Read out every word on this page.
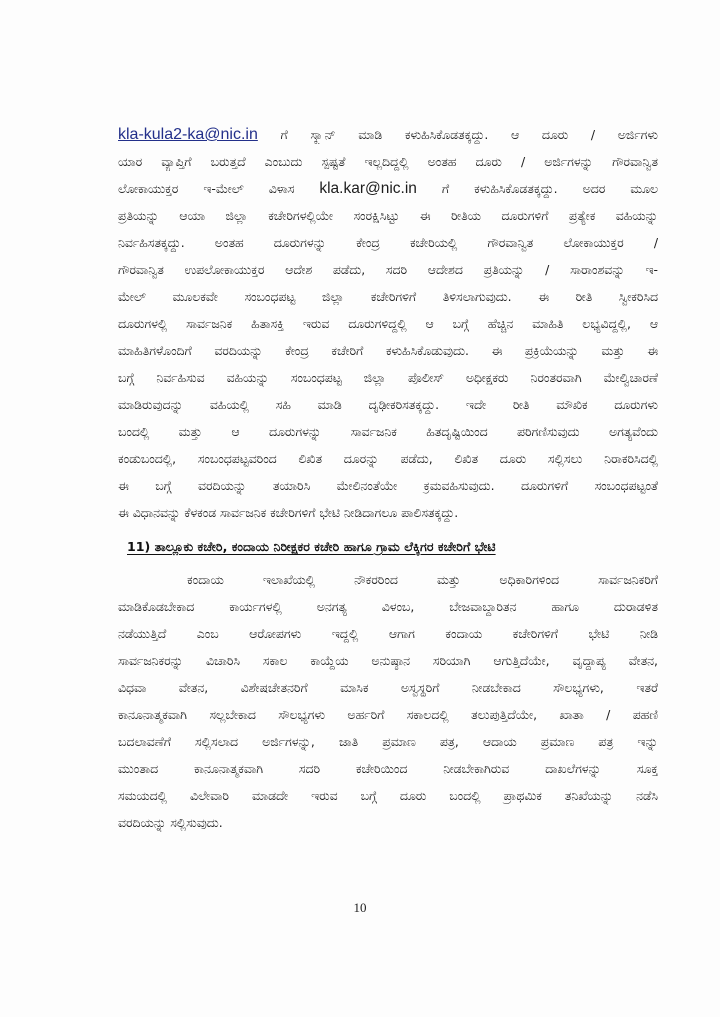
kla-kula2-ka@nic.in ಗೆ ಸ್ಕ್ಯಾನ್ ಮಾಡಿ ಕಳುಹಿಸಿಕೊಡತಕ್ಕದ್ದು. ಆ ದೂರು / ಅರ್ಜಿಗಳು

ಯಾರ ವ್ಯಾಪ್ತಿಗೆ ಬರುತ್ತದೆ ಎಂಬುದು ಸ್ಪಷ್ಟತೆ ಇಲ್ಲದಿದ್ದಲ್ಲಿ ಅಂತಹ ದೂರು / ಅರ್ಜಿಗಳನ್ನು ಗೌರವಾನ್ವಿತ

ಲೋಕಾಯುಕ್ತರ ಇ-ಮೇಲ್ ವಿಳಾಸ kla.kar@nic.in ಗೆ ಕಳುಹಿಸಿಕೊಡತಕ್ಕದ್ದು. ಅದರ ಮೂಲ

ಪ್ರತಿಯನ್ನು ಆಯಾ ಜಿಲ್ಲಾ ಕಚೇರಿಗಳಲ್ಲಿಯೇ ಸಂರಕ್ಷಿಸಿಟ್ಟು ಈ ರೀತಿಯ ದೂರುಗಳಿಗೆ ಪ್ರತ್ಯೇಕ ವಹಿಯನ್ನು

ನಿರ್ವಹಿಸತಕ್ಕದ್ದು. ಅಂತಹ ದೂರುಗಳನ್ನು ಕೇಂದ್ರ ಕಚೇರಿಯಲ್ಲಿ ಗೌರವಾನ್ವಿತ ಲೋಕಾಯುಕ್ತರ /

ಗೌರವಾನ್ವಿತ ಉಪಲೋಕಾಯುಕ್ತರ ಆದೇಶ ಪಡೆದು, ಸದರಿ ಆದೇಶದ ಪ್ರತಿಯನ್ನು / ಸಾರಾಂಶವನ್ನು ಇ-

ಮೇಲ್ ಮೂಲಕವೇ ಸಂಬಂಧಪಟ್ಟ ಜಿಲ್ಲಾ ಕಚೇರಿಗಳಿಗೆ ತಿಳಿಸಲಾಗುವುದು. ಈ ರೀತಿ ಸ್ವೀಕರಿಸಿದ

ದೂರುಗಳಲ್ಲಿ ಸಾರ್ವಜನಿಕ ಹಿತಾಸಕ್ತಿ ಇರುವ ದೂರುಗಳಿದ್ದಲ್ಲಿ ಆ ಬಗ್ಗೆ ಹೆಚ್ಚಿನ ಮಾಹಿತಿ ಲಭ್ಯವಿದ್ದಲ್ಲಿ, ಆ

ಮಾಹಿತಿಗಳೊಂದಿಗೆ ವರದಿಯನ್ನು ಕೇಂದ್ರ ಕಚೇರಿಗೆ ಕಳುಹಿಸಿಕೊಡುವುದು. ಈ ಪ್ರಕ್ರಿಯೆಯನ್ನು ಮತ್ತು ಈ

ಬಗ್ಗೆ ನಿರ್ವಹಿಸುವ ವಹಿಯನ್ನು ಸಂಬಂಧಪಟ್ಟ ಜಿಲ್ಲಾ ಪೊಲೀಸ್ ಅಧೀಕ್ಷಕರು ನಿರಂತರವಾಗಿ ಮೇಲ್ವಿಚಾರಣೆ

ಮಾಡಿರುವುದನ್ನು ವಹಿಯಲ್ಲಿ ಸಹಿ ಮಾಡಿ ದೃಢೀಕರಿಸತಕ್ಕದ್ದು. ಇದೇ ರೀತಿ ಮೌಖಿಕ ದೂರುಗಳು

ಬಂದಲ್ಲಿ ಮತ್ತು ಆ ದೂರುಗಳನ್ನು ಸಾರ್ವಜನಿಕ ಹಿತದೃಷ್ಟಿಯಿಂದ ಪರಿಗಣಿಸುವುದು ಅಗತ್ಯವೆಂದು

ಕಂಡುಬಂದಲ್ಲಿ, ಸಂಬಂಧಪಟ್ಟವರಿಂದ ಲಿಖಿತ ದೂರನ್ನು ಪಡೆದು, ಲಿಖಿತ ದೂರು ಸಲ್ಲಿಸಲು ನಿರಾಕರಿಸಿದಲ್ಲಿ

ಈ ಬಗ್ಗೆ ವರದಿಯನ್ನು ತಯಾರಿಸಿ ಮೇಲಿನಂತೆಯೇ ಕ್ರಮವಹಿಸುವುದು. ದೂರುಗಳಿಗೆ ಸಂಬಂಧಪಟ್ಟಂತೆ

ಈ ವಿಧಾನವನ್ನು ಕೆಳಕಂಡ ಸಾರ್ವಜನಿಕ ಕಚೇರಿಗಳಿಗೆ ಭೇಟಿ ನೀಡಿದಾಗಲೂ ಪಾಲಿಸತಕ್ಕದ್ದು.

11) ತಾಲ್ಲೂಕು ಕಚೇರಿ, ಕಂದಾಯ ನಿರೀಕ್ಷಕರ ಕಚೇರಿ ಹಾಗೂ ಗ್ರಾಮ ಲೆಕ್ಕಿಗರ ಕಚೇರಿಗೆ ಭೇಟಿ

ಕಂದಾಯ ಇಲಾಖೆಯಲ್ಲಿ ನೌಕರರಿಂದ ಮತ್ತು ಅಧಿಕಾರಿಗಳಿಂದ ಸಾರ್ವಜನಿಕರಿಗೆ

ಮಾಡಿಕೊಡಬೇಕಾದ ಕಾರ್ಯಗಳಲ್ಲಿ ಅನಗತ್ಯ ವಿಳಂಬ, ಬೇಜವಾಬ್ದಾರಿತನ ಹಾಗೂ ದುರಾಡಳಿತ

ನಡೆಯುತ್ತಿದೆ ಎಂಬ ಆರೋಪಗಳು ಇದ್ದಲ್ಲಿ ಆಗಾಗ ಕಂದಾಯ ಕಚೇರಿಗಳಿಗೆ ಭೇಟಿ ನೀಡಿ

ಸಾರ್ವಜನಿಕರನ್ನು ವಿಚಾರಿಸಿ ಸಕಾಲ ಕಾಯ್ದೆಯ ಅನುಷ್ಠಾನ ಸರಿಯಾಗಿ ಆಗುತ್ತಿದೆಯೇ, ವೃದ್ಧಾಪ್ಯ ವೇತನ,

ವಿಧವಾ ವೇತನ, ವಿಶೇಷಚೇತನರಿಗೆ ಮಾಸಿಕ ಅಸ್ವಸ್ಥರಿಗೆ ನೀಡಬೇಕಾದ ಸೌಲಭ್ಯಗಳು, ಇತರೆ

ಕಾನೂನಾತ್ಮಕವಾಗಿ ಸಲ್ಲಬೇಕಾದ ಸೌಲಭ್ಯಗಳು ಅರ್ಹರಿಗೆ ಸಕಾಲದಲ್ಲಿ ತಲುಪುತ್ತಿದೆಯೇ, ಖಾತಾ / ಪಹಣಿ

ಬದಲಾವಣೆಗೆ ಸಲ್ಲಿಸಲಾದ ಅರ್ಜಿಗಳನ್ನು, ಜಾತಿ ಪ್ರಮಾಣ ಪತ್ರ, ಆದಾಯ ಪ್ರಮಾಣ ಪತ್ರ ಇನ್ನು

ಮುಂತಾದ ಕಾನೂನಾತ್ಮಕವಾಗಿ ಸದರಿ ಕಚೇರಿಯಿಂದ ನೀಡಬೇಕಾಗಿರುವ ದಾಖಲೆಗಳನ್ನು ಸೂಕ್ತ

ಸಮಯದಲ್ಲಿ ವಿಲೇವಾರಿ ಮಾಡದೇ ಇರುವ ಬಗ್ಗೆ ದೂರು ಬಂದಲ್ಲಿ ಪ್ರಾಥಮಿಕ ತನಿಖೆಯನ್ನು ನಡೆಸಿ

ವರದಿಯನ್ನು ಸಲ್ಲಿಸುವುದು.

10
